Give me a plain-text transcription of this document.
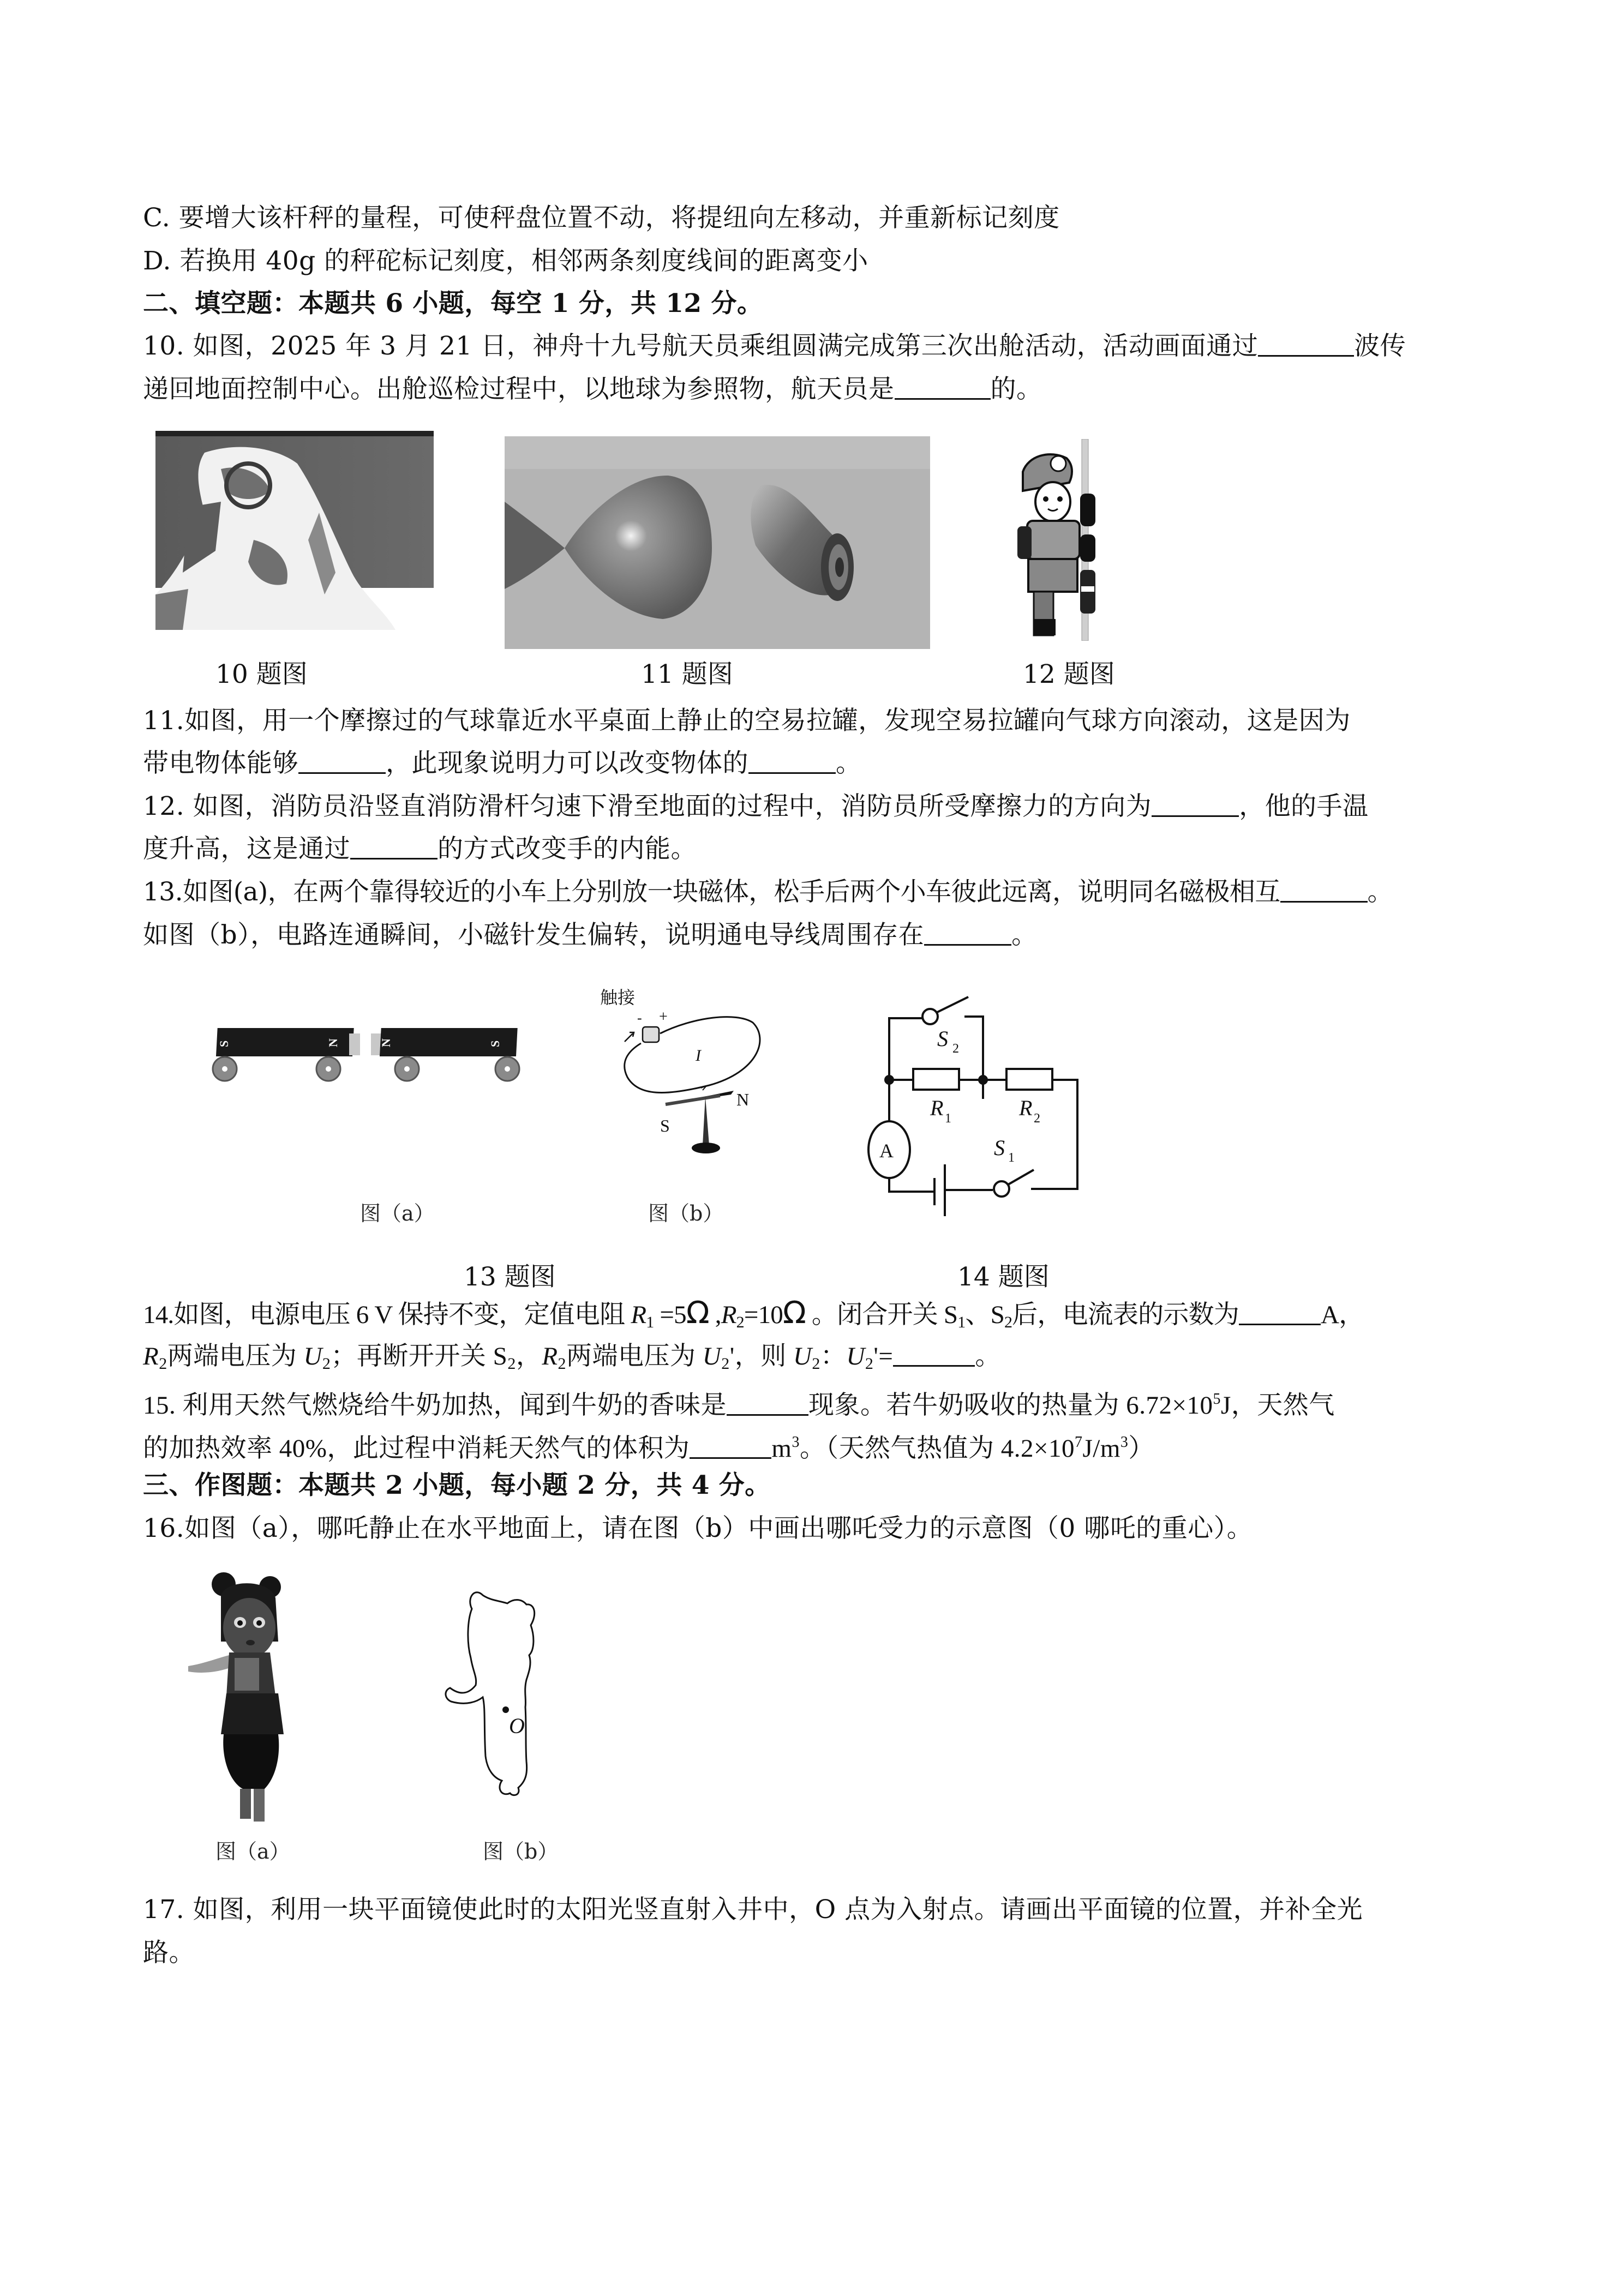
C. 要增大该杆秤的量程，可使秤盘位置不动，将提纽向左移动，并重新标记刻度
D. 若换用 40g 的秤砣标记刻度，相邻两条刻度线间的距离变小
二、填空题：本题共 6 小题，每空 1 分，共 12 分。
10. 如图，2025 年 3 月 21 日，神舟十九号航天员乘组圆满完成第三次出舱活动，活动画面通过	波传
递回地面控制中心。出舱巡检过程中，以地球为参照物，航天员是	的。
10 题图	11 题图	12 题图
11.如图，用一个摩擦过的气球靠近水平桌面上静止的空易拉罐，发现空易拉罐向气球方向滚动，这是因为
带电物体能够	，此现象说明力可以改变物体的	。
12. 如图，消防员沿竖直消防滑杆匀速下滑至地面的过程中，消防员所受摩擦力的方向为	，他的手温
度升高，这是通过	的方式改变手的内能。
13.如图(a)，在两个靠得较近的小车上分别放一块磁体，松手后两个小车彼此远离，说明同名磁极相互	。
如图（b），电路连通瞬间，小磁针发生偏转，说明通电导线周围存在	。
S	N	N	S
触接
- +
I
S
N
图（a）	图（b）
13 题图
A
S 2
S 1
R 1	R 2
14 题图
14.如图，电源电压 6 V 保持不变，定值电阻 $R_1 =5\Omega$ $,R_2=10\Omega$ 。闭合开关 $S_1$、$S_2$后，电流表的示数为	A，
$R_2$两端电压为 $U_2$；再断开开关 $S_2$，$R_2$两端电压为 $U_2'$，则 $U_2$：$U_2'=$	。
15. 利用天然气燃烧给牛奶加热，闻到牛奶的香味是	现象。若牛奶吸收的热量为 $6.72\times 10^5J$，天然气
的加热效率 40%，此过程中消耗天然气的体积为	$m^3$。（天然气热值为 $4.2\times 10^7J/m^3$）
三、作图题：本题共 2 小题，每小题 2 分，共 4 分。
16.如图（a），哪吒静止在水平地面上，请在图（b）中画出哪吒受力的示意图（0 哪吒的重心）。
O
图（a）	图（b）
17. 如图，利用一块平面镜使此时的太阳光竖直射入井中，O 点为入射点。请画出平面镜的位置，并补全光
路。
